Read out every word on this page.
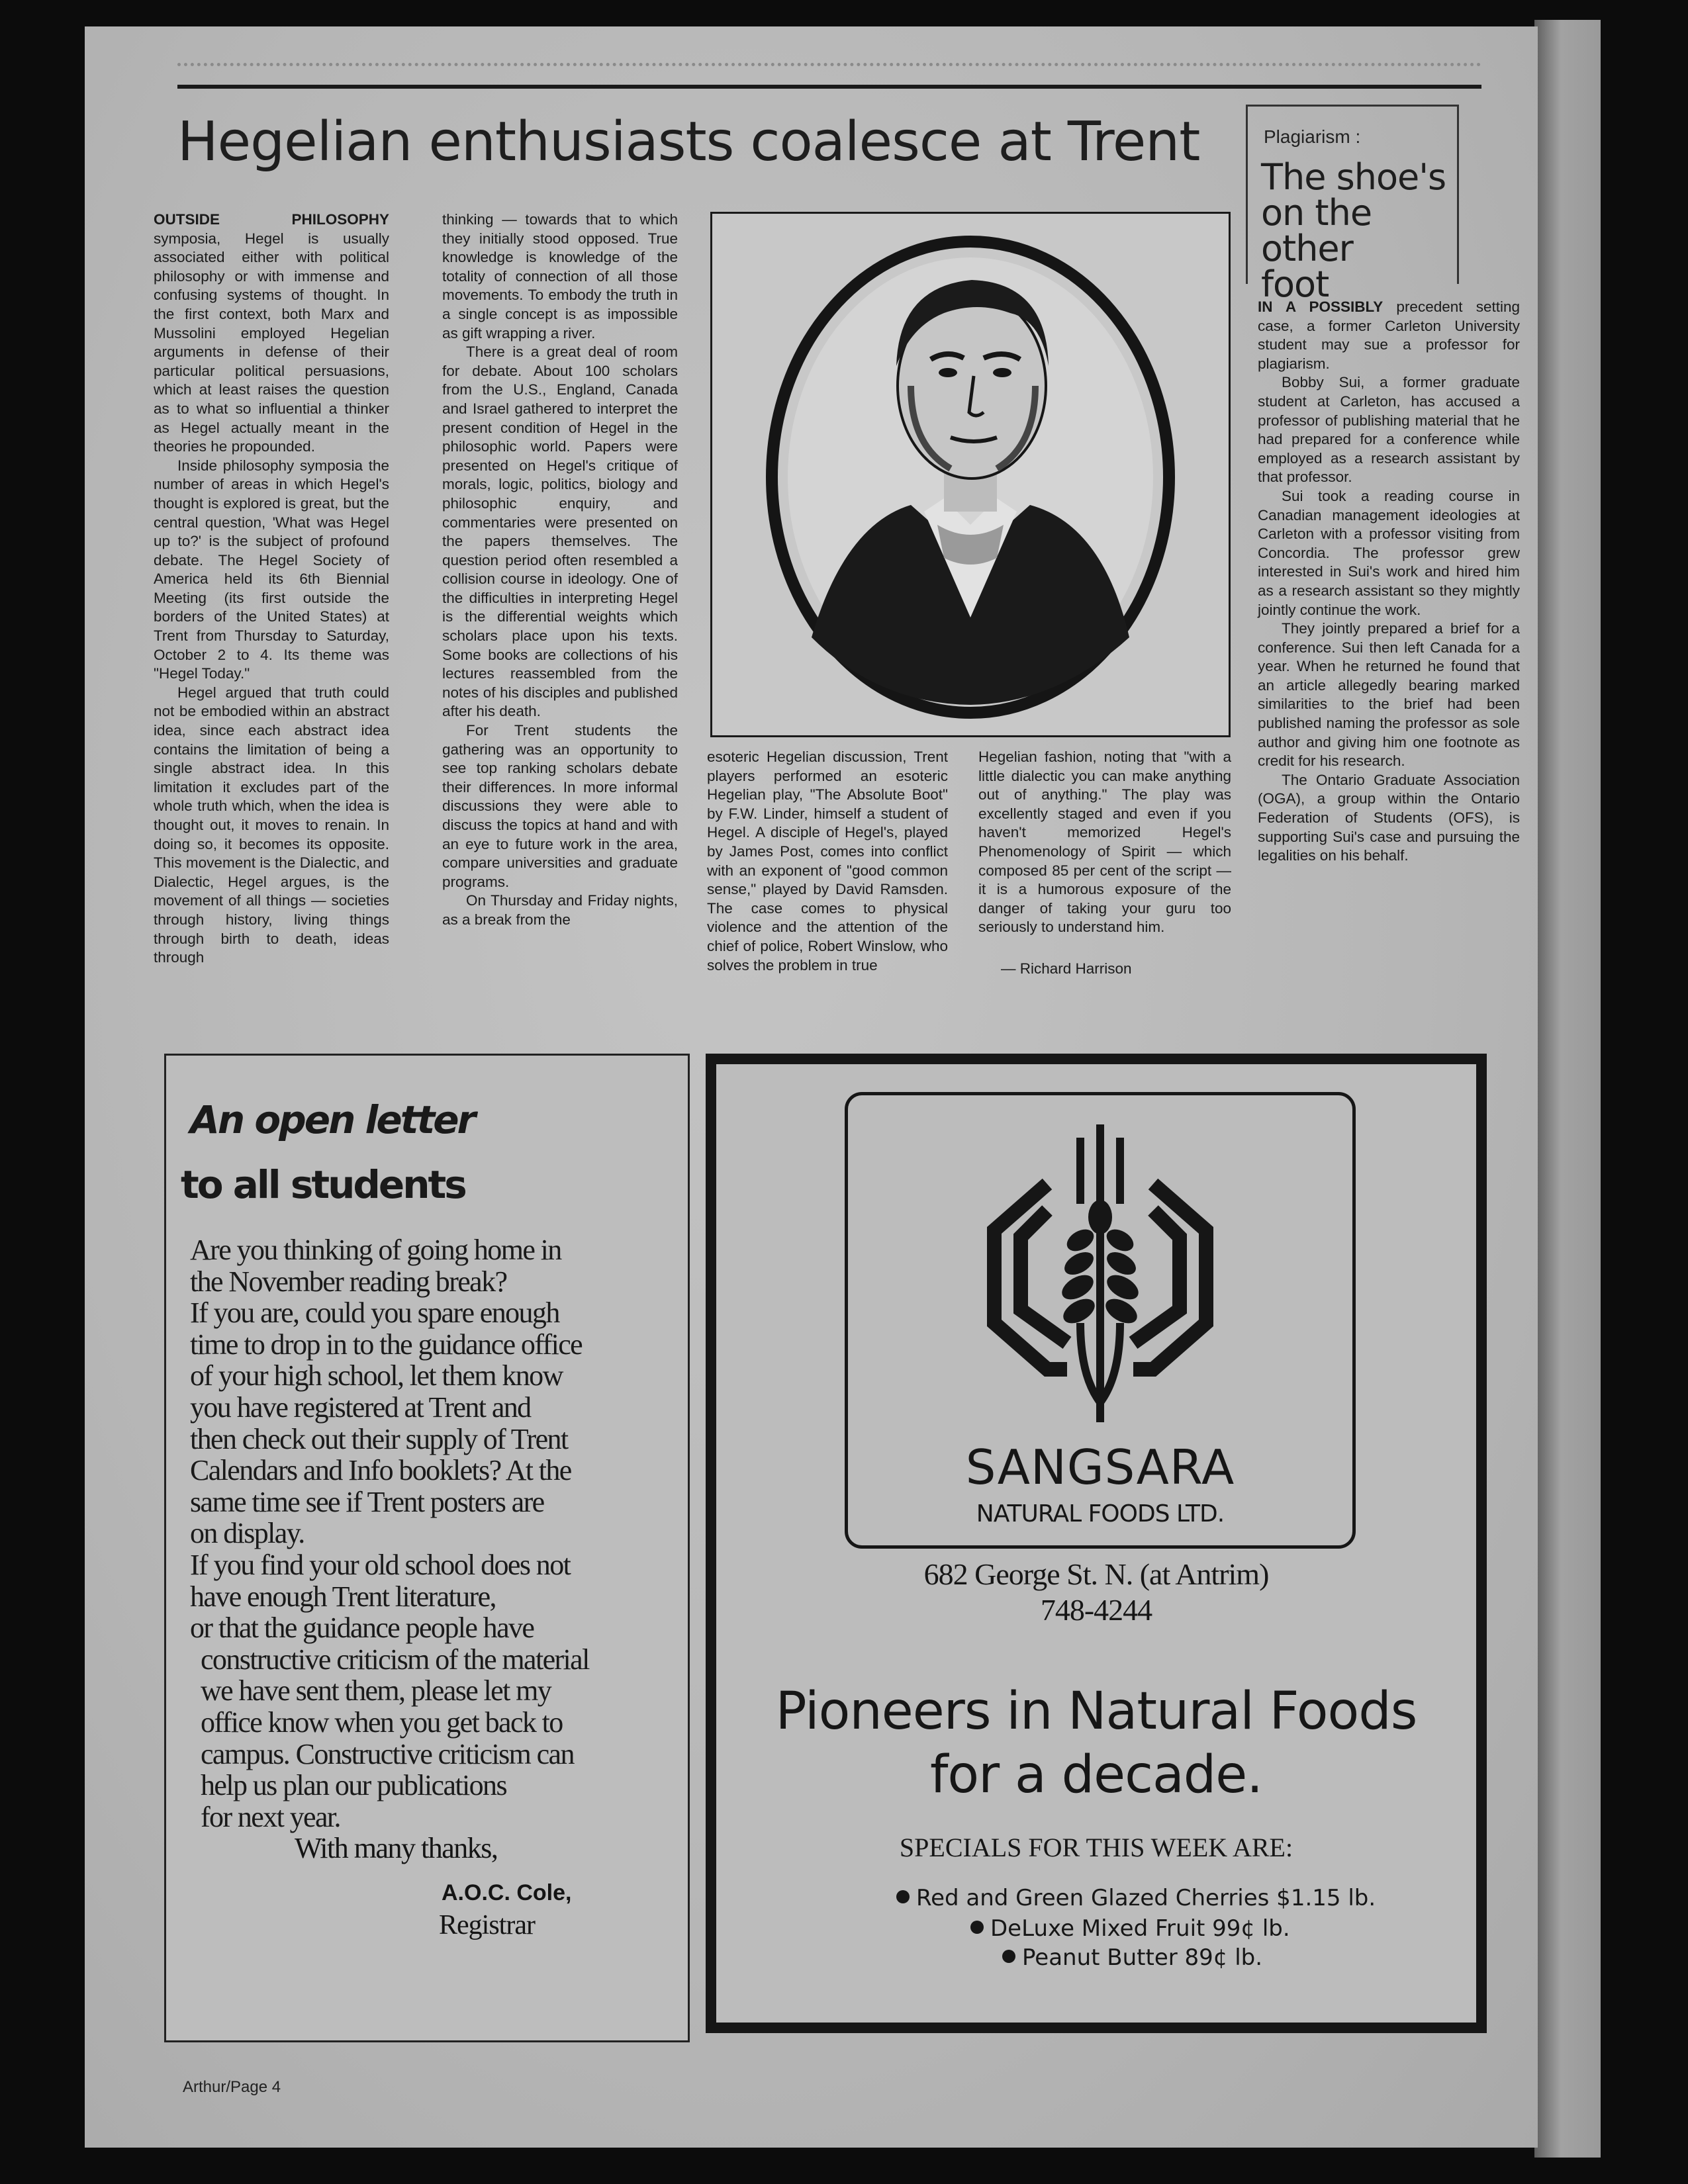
Hegelian enthusiasts coalesce at Trent

OUTSIDE PHILOSOPHY symposia, Hegel is usually associated either with political philosophy or with immense and confusing systems of thought. In the first context, both Marx and Mussolini employed Hegelian arguments in defense of their particular political persuasions, which at least raises the question as to what so influential a thinker as Hegel actually meant in the theories he propounded.

Inside philosophy symposia the number of areas in which Hegel's thought is explored is great, but the central question, 'What was Hegel up to?' is the subject of profound debate. The Hegel Society of America held its 6th Biennial Meeting (its first outside the borders of the United States) at Trent from Thursday to Saturday, October 2 to 4. Its theme was "Hegel Today."

Hegel argued that truth could not be embodied within an abstract idea, since each abstract idea contains the limitation of being a single abstract idea. In this limitation it excludes part of the whole truth which, when the idea is thought out, it moves to renain. In doing so, it becomes its opposite. This movement is the Dialectic, and Dialectic, Hegel argues, is the movement of all things — societies through history, living things through birth to death, ideas through

thinking — towards that to which they initially stood opposed. True knowledge is knowledge of the totality of connection of all those movements. To embody the truth in a single concept is as impossible as gift wrapping a river.

There is a great deal of room for debate. About 100 scholars from the U.S., England, Canada and Israel gathered to interpret the present condition of Hegel in the philosophic world. Papers were presented on Hegel's critique of morals, logic, politics, biology and philosophic enquiry, and commentaries were presented on the papers themselves. The question period often resembled a collision course in ideology. One of the difficulties in interpreting Hegel is the differential weights which scholars place upon his texts. Some books are collections of his lectures reassembled from the notes of his disciples and published after his death.

For Trent students the gathering was an opportunity to see top ranking scholars debate their differences. In more informal discussions they were able to discuss the topics at hand and with an eye to future work in the area, compare universities and graduate programs.

On Thursday and Friday nights, as a break from the

esoteric Hegelian discussion, Trent players performed an esoteric Hegelian play, "The Absolute Boot" by F.W. Linder, himself a student of Hegel. A disciple of Hegel's, played by James Post, comes into conflict with an exponent of "good common sense," played by David Ramsden. The case comes to physical violence and the attention of the chief of police, Robert Winslow, who solves the problem in true

Hegelian fashion, noting that "with a little dialectic you can make anything out of anything." The play was excellently staged and even if you haven't memorized Hegel's Phenomenology of Spirit — which composed 85 per cent of the script — it is a humorous exposure of the danger of taking your guru too seriously to understand him.

— Richard Harrison

Plagiarism :
The shoe's
on the other
foot

IN A POSSIBLY precedent setting case, a former Carleton University student may sue a professor for plagiarism.

Bobby Sui, a former graduate student at Carleton, has accused a professor of publishing material that he had prepared for a conference while employed as a research assistant by that professor.

Sui took a reading course in Canadian management ideologies at Carleton with a professor visiting from Concordia. The professor grew interested in Sui's work and hired him as a research assistant so they mightly jointly continue the work.

They jointly prepared a brief for a conference. Sui then left Canada for a year. When he returned he found that an article allegedly bearing marked similarities to the brief had been published naming the professor as sole author and giving him one footnote as credit for his research.

The Ontario Graduate Association (OGA), a group within the Ontario Federation of Students (OFS), is supporting Sui's case and pursuing the legalities on his behalf.

An open letter
to all students
Are you thinking of going home in
the November reading break?
If you are, could you spare enough
time to drop in to the guidance office
of your high school, let them know
you have registered at Trent and
then check out their supply of Trent
Calendars and Info booklets? At the
same time see if Trent posters are
on display.
If you find your old school does not
have enough Trent literature,
or that the guidance people have
constructive criticism of the material
we have sent them, please let my
office know when you get back to
campus. Constructive criticism can
help us plan our publications
for next year.
With many thanks,
A.O.C. Cole,
Registrar
SANGSARA
NATURAL FOODS LTD.
682 George St. N. (at Antrim)
748-4244
Pioneers in Natural Foods
for a decade.
SPECIALS FOR THIS WEEK ARE:
Red and Green Glazed Cherries $1.15 lb.
DeLuxe Mixed Fruit 99¢ lb.
Peanut Butter 89¢ lb.
Arthur/Page 4
